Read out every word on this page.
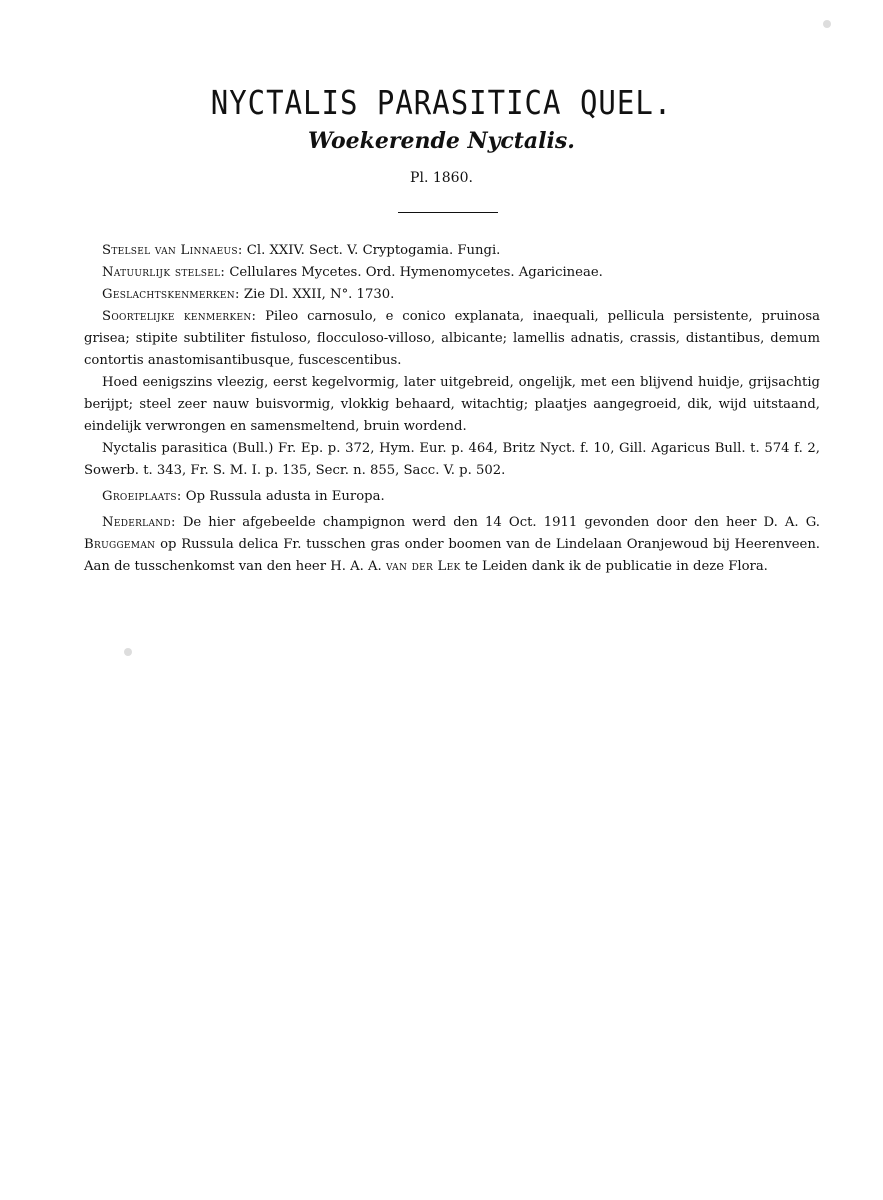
NYCTALIS PARASITICA QUEL.
Woekerende Nyctalis.
Pl. 1860.

Stelsel van Linnaeus: Cl. XXIV. Sect. V. Cryptogamia. Fungi.

Natuurlijk stelsel: Cellulares Mycetes. Ord. Hymenomycetes. Agaricineae.

Geslachtskenmerken: Zie Dl. XXII, N°. 1730.

Soortelijke kenmerken: Pileo carnosulo, e conico explanata, inaequali, pellicula persistente, pruinosa grisea; stipite subtiliter fistuloso, flocculoso-villoso, albicante; lamellis adnatis, crassis, distantibus, demum contortis anastomisantibusque, fuscescentibus.

Hoed eenigszins vleezig, eerst kegelvormig, later uitgebreid, ongelijk, met een blijvend huidje, grijsachtig berijpt; steel zeer nauw buisvormig, vlokkig behaard, witachtig; plaatjes aangegroeid, dik, wijd uitstaand, eindelijk verwrongen en samensmeltend, bruin wordend.

Nyctalis parasitica (Bull.) Fr. Ep. p. 372, Hym. Eur. p. 464, Britz Nyct. f. 10, Gill. Agaricus Bull. t. 574 f. 2, Sowerb. t. 343, Fr. S. M. I. p. 135, Secr. n. 855, Sacc. V. p. 502.

Groeiplaats: Op Russula adusta in Europa.

Nederland: De hier afgebeelde champignon werd den 14 Oct. 1911 gevonden door den heer D. A. G. Bruggeman op Russula delica Fr. tusschen gras onder boomen van de Lindelaan Oranjewoud bij Heerenveen. Aan de tusschenkomst van den heer H. A. A. van der Lek te Leiden dank ik de publicatie in deze Flora.
